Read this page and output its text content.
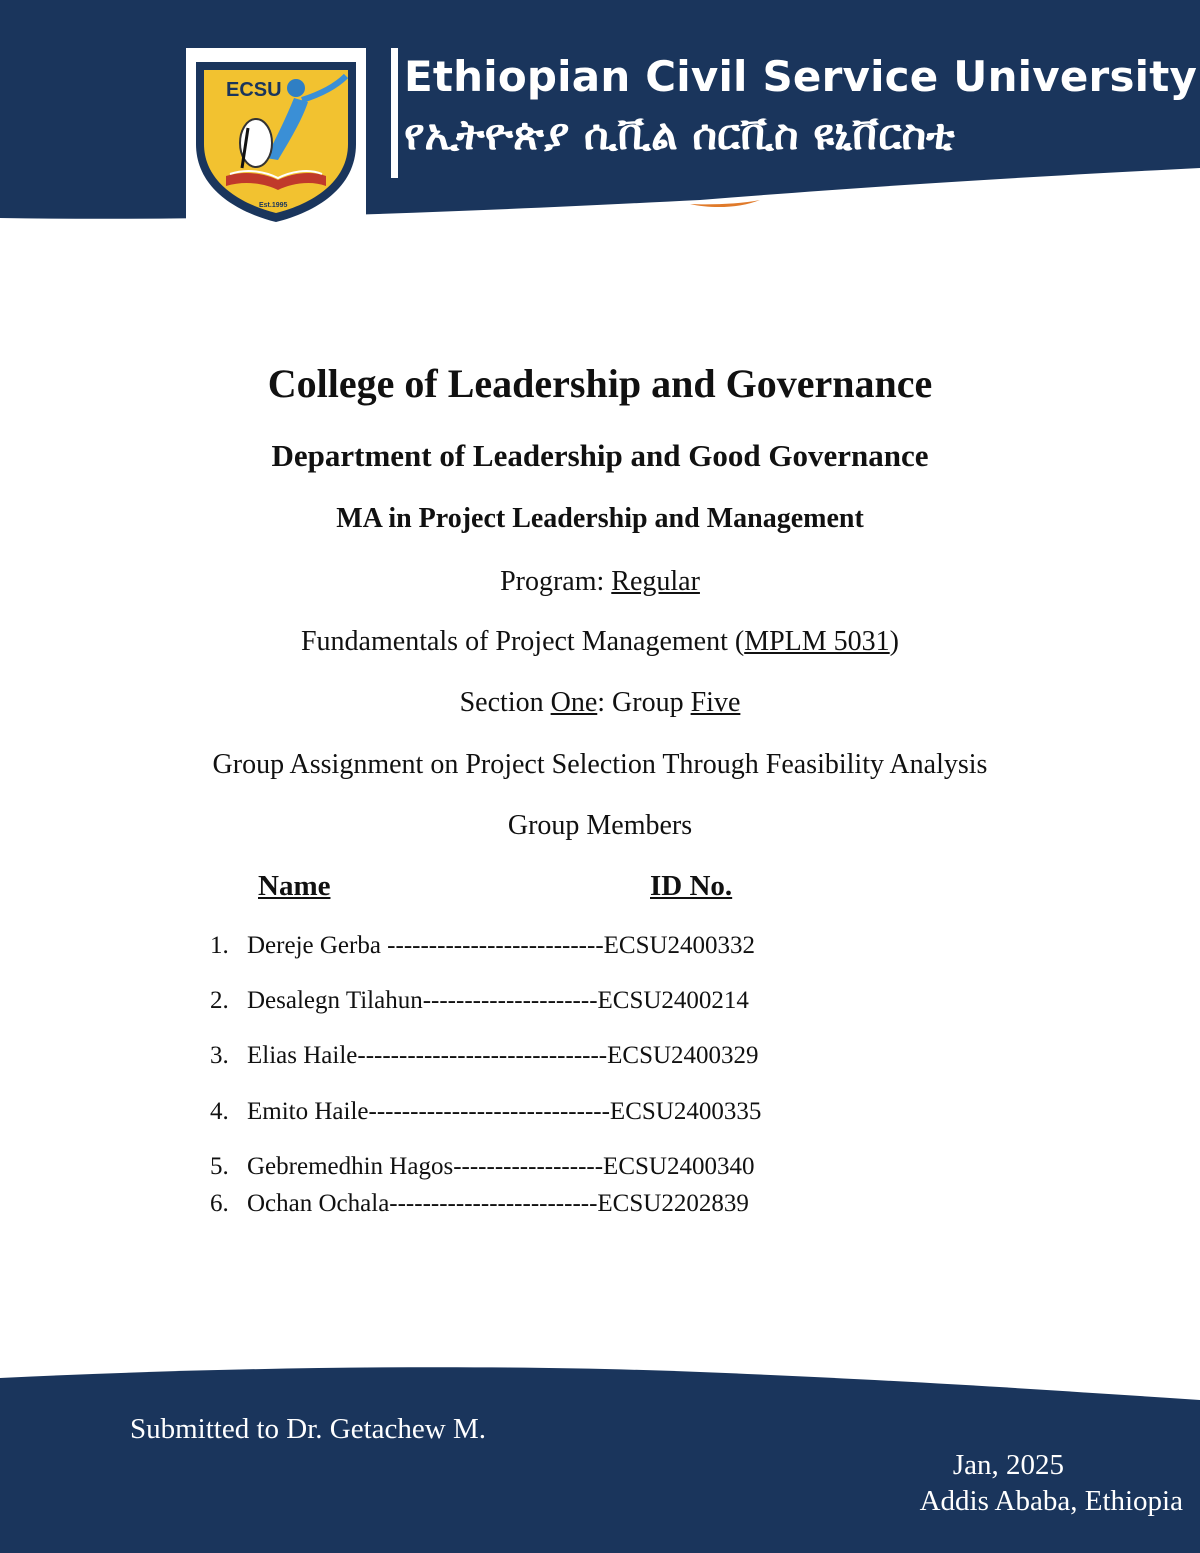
ECSU
Est.1995
Ethiopian Civil Service University
የኢትዮጵያ ሲቪል ሰርቪስ ዩኒቨርስቲ
College of Leadership and Governance
Department of Leadership and Good Governance
MA in Project Leadership and Management
Program: Regular
Fundamentals of Project Management (MPLM 5031)
Section One: Group Five
Group Assignment on Project Selection Through Feasibility Analysis
Group Members
Name	ID No.
1. Dereje Gerba --------------------------ECSU2400332
2. Desalegn Tilahun---------------------ECSU2400214
3. Elias Haile------------------------------ECSU2400329
4. Emito Haile-----------------------------ECSU2400335
5. Gebremedhin Hagos------------------ECSU2400340
6. Ochan Ochala-------------------------ECSU2202839
Submitted to Dr. Getachew M.
Jan, 2025
Addis Ababa, Ethiopia
